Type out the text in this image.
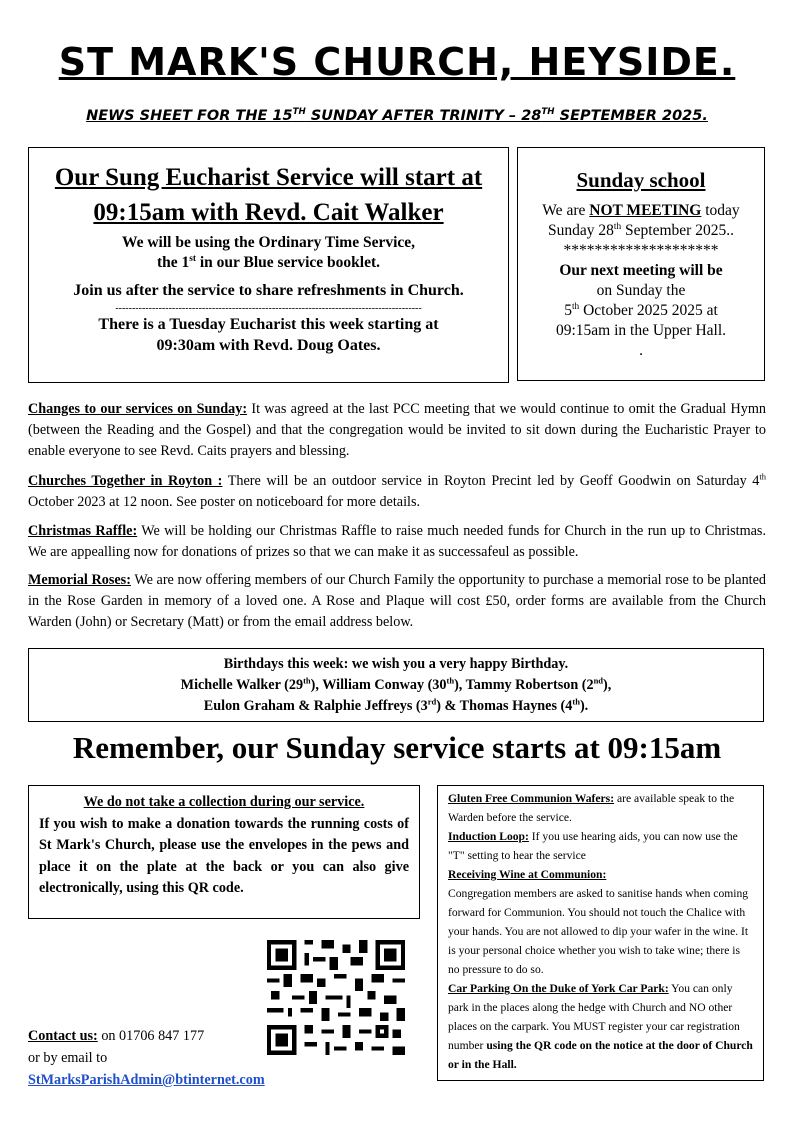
ST MARK'S CHURCH, HEYSIDE.
NEWS SHEET FOR THE 15TH SUNDAY AFTER TRINITY – 28TH SEPTEMBER 2025.
Our Sung Eucharist Service will start at
09:15am with Revd. Cait Walker
We will be using the Ordinary Time Service,
the 1st in our Blue service booklet.
Join us after the service to share refreshments in Church.
--------------------------------------------------------------------------------------------
There is a Tuesday Eucharist this week starting at
09:30am with Revd. Doug Oates.
Sunday school
We are NOT MEETING today
Sunday 28th September 2025..
********************
Our next meeting will be
on Sunday the
5th October 2025 2025 at
09:15am in the Upper Hall.
.
Changes to our services on Sunday: It was agreed at the last PCC meeting that we would continue to omit the Gradual Hymn (between the Reading and the Gospel) and that the congregation would be invited to sit down during the Eucharistic Prayer to enable everyone to see Revd. Caits prayers and blessing.
Churches Together in Royton : There will be an outdoor service in Royton Precint led by Geoff Goodwin on Saturday 4th October 2023 at 12 noon. See poster on noticeboard for more details.
Christmas Raffle: We will be holding our Christmas Raffle to raise much needed funds for Church in the run up to Christmas. We are appealling now for donations of prizes so that we can make it as successafeul as possible.
Memorial Roses: We are now offering members of our Church Family the opportunity to purchase a memorial rose to be planted in the Rose Garden in memory of a loved one. A Rose and Plaque will cost £50, order forms are available from the Church Warden (John) or Secretary (Matt) or from the email address below.
Birthdays this week: we wish you a very happy Birthday.
Michelle Walker (29th), William Conway (30th), Tammy Robertson (2nd),
Eulon Graham & Ralphie Jeffreys (3rd) & Thomas Haynes (4th).
Remember, our Sunday service starts at 09:15am
We do not take a collection during our service.
If you wish to make a donation towards the running costs of St Mark's Church, please use the envelopes in the pews and place it on the plate at the back or you can also give electronically, using this QR code.

Gluten Free Communion Wafers: are available speak to the Warden before the service.

Induction Loop: If you use hearing aids, you can now use the "T" setting to hear the service

Receiving Wine at Communion:

Congregation members are asked to sanitise hands when coming forward for Communion. You should not touch the Chalice with your hands. You are not allowed to dip your wafer in the wine. It is your personal choice whether you wish to take wine; there is no pressure to do so.

Car Parking On the Duke of York Car Park: You can only park in the places along the hedge with Church and NO other places on the carpark. You MUST register your car registration number using the QR code on the notice at the door of Church or in the Hall.

Contact us: on 01706 847 177
or by email to
StMarksParishAdmin@btinternet.com
